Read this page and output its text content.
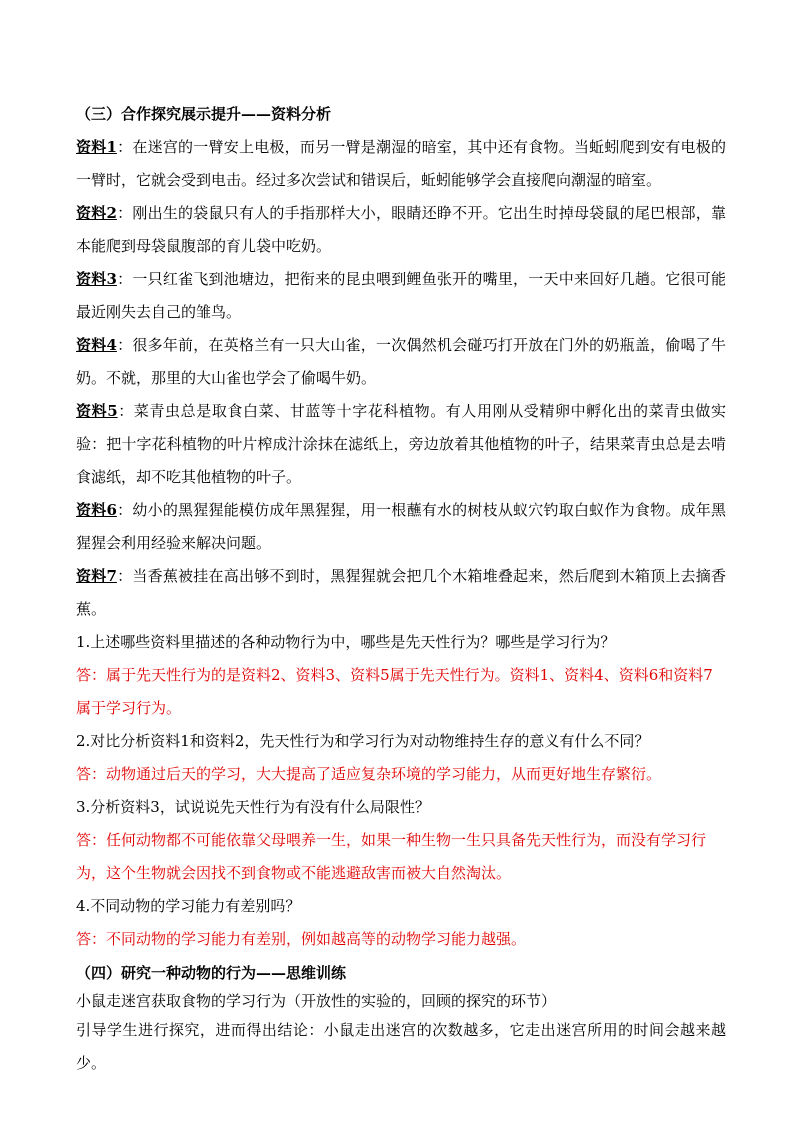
（三）合作探究展示提升——资料分析

资料1：在迷宫的一臂安上电极，而另一臂是潮湿的暗室，其中还有食物。当蚯蚓爬到安有电极的一臂时，它就会受到电击。经过多次尝试和错误后，蚯蚓能够学会直接爬向潮湿的暗室。

资料2：刚出生的袋鼠只有人的手指那样大小，眼睛还睁不开。它出生时掉母袋鼠的尾巴根部，靠本能爬到母袋鼠腹部的育儿袋中吃奶。

资料3：一只红雀飞到池塘边，把衔来的昆虫喂到鲤鱼张开的嘴里，一天中来回好几趟。它很可能最近刚失去自己的雏鸟。

资料4：很多年前，在英格兰有一只大山雀，一次偶然机会碰巧打开放在门外的奶瓶盖，偷喝了牛奶。不就，那里的大山雀也学会了偷喝牛奶。

资料5：菜青虫总是取食白菜、甘蓝等十字花科植物。有人用刚从受精卵中孵化出的菜青虫做实验：把十字花科植物的叶片榨成汁涂抹在滤纸上，旁边放着其他植物的叶子，结果菜青虫总是去啃食滤纸，却不吃其他植物的叶子。

资料6：幼小的黑猩猩能模仿成年黑猩猩，用一根蘸有水的树枝从蚁穴钓取白蚁作为食物。成年黑猩猩会利用经验来解决问题。

资料7：当香蕉被挂在高出够不到时，黑猩猩就会把几个木箱堆叠起来，然后爬到木箱顶上去摘香蕉。

1.上述哪些资料里描述的各种动物行为中，哪些是先天性行为？哪些是学习行为？

答：属于先天性行为的是资料2、资料3、资料5属于先天性行为。资料1、资料4、资料6和资料7属于学习行为。

2.对比分析资料1和资料2，先天性行为和学习行为对动物维持生存的意义有什么不同？

答：动物通过后天的学习，大大提高了适应复杂环境的学习能力，从而更好地生存繁衍。

3.分析资料3，试说说先天性行为有没有什么局限性？

答：任何动物都不可能依靠父母喂养一生，如果一种生物一生只具备先天性行为，而没有学习行为，这个生物就会因找不到食物或不能逃避敌害而被大自然淘汰。

4.不同动物的学习能力有差别吗？

答：不同动物的学习能力有差别，例如越高等的动物学习能力越强。

（四）研究一种动物的行为——思维训练

小鼠走迷宫获取食物的学习行为（开放性的实验的，回顾的探究的环节）

引导学生进行探究，进而得出结论：小鼠走出迷宫的次数越多，它走出迷宫所用的时间会越来越少。
